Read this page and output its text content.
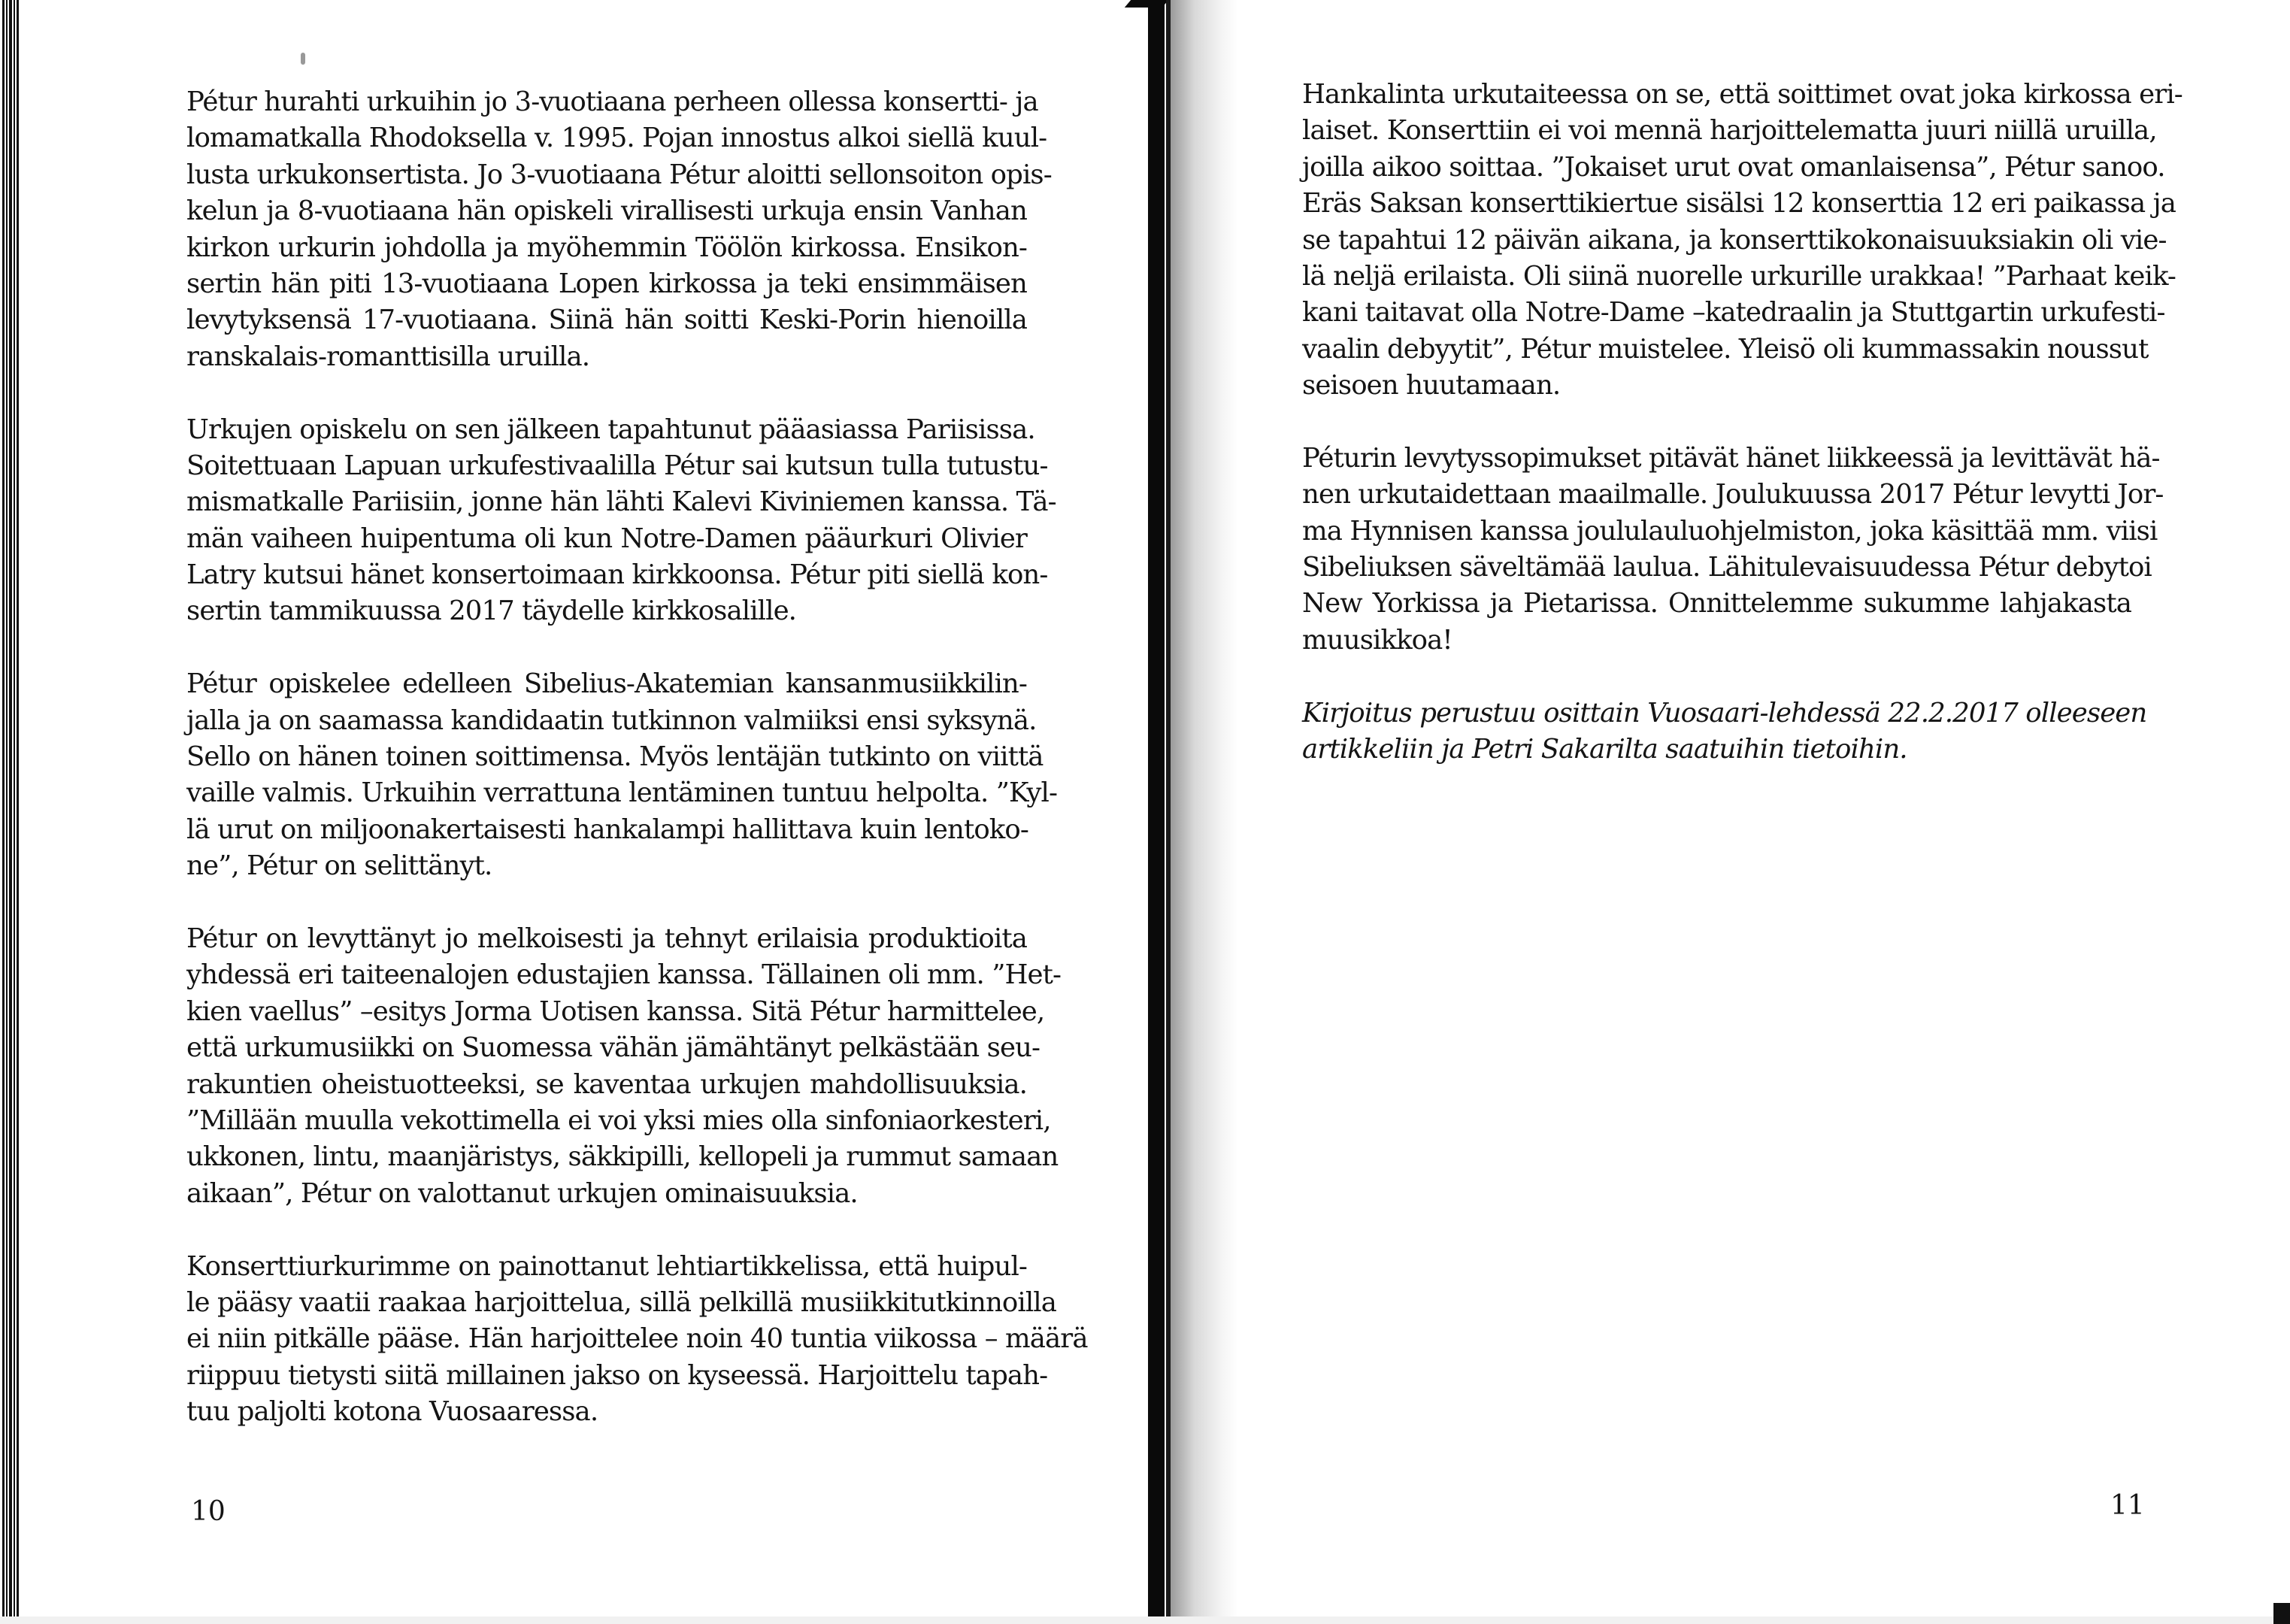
Pétur hurahti urkuihin jo 3-vuotiaana perheen ollessa konsertti- ja
lomamatkalla Rhodoksella v. 1995. Pojan innostus alkoi siellä kuul-
lusta urkukonsertista. Jo 3-vuotiaana Pétur aloitti sellonsoiton opis-
kelun ja 8-vuotiaana hän opiskeli virallisesti urkuja ensin Vanhan
kirkon urkurin johdolla ja myöhemmin Töölön kirkossa. Ensikon-
sertin hän piti 13-vuotiaana Lopen kirkossa ja teki ensimmäisen
levytyksensä 17-vuotiaana. Siinä hän soitti Keski-Porin hienoilla
ranskalais-romanttisilla uruilla.

Urkujen opiskelu on sen jälkeen tapahtunut pääasiassa Pariisissa.
Soitettuaan Lapuan urkufestivaalilla Pétur sai kutsun tulla tutustu-
mismatkalle Pariisiin, jonne hän lähti Kalevi Kiviniemen kanssa. Tä-
män vaiheen huipentuma oli kun Notre-Damen pääurkuri Olivier
Latry kutsui hänet konsertoimaan kirkkoonsa. Pétur piti siellä kon-
sertin tammikuussa 2017 täydelle kirkkosalille.

Pétur opiskelee edelleen Sibelius-Akatemian kansanmusiikkilin-
jalla ja on saamassa kandidaatin tutkinnon valmiiksi ensi syksynä.
Sello on hänen toinen soittimensa. Myös lentäjän tutkinto on viittä
vaille valmis. Urkuihin verrattuna lentäminen tuntuu helpolta. ”Kyl-
lä urut on miljoonakertaisesti hankalampi hallittava kuin lentoko-
ne”, Pétur on selittänyt.

Pétur on levyttänyt jo melkoisesti ja tehnyt erilaisia produktioita
yhdessä eri taiteenalojen edustajien kanssa. Tällainen oli mm. ”Het-
kien vaellus” –esitys Jorma Uotisen kanssa. Sitä Pétur harmittelee,
että urkumusiikki on Suomessa vähän jämähtänyt pelkästään seu-
rakuntien oheistuotteeksi, se kaventaa urkujen mahdollisuuksia.
”Millään muulla vekottimella ei voi yksi mies olla sinfoniaorkesteri,
ukkonen, lintu, maanjäristys, säkkipilli, kellopeli ja rummut samaan
aikaan”, Pétur on valottanut urkujen ominaisuuksia.

Konserttiurkurimme on painottanut lehtiartikkelissa, että huipul-
le pääsy vaatii raakaa harjoittelua, sillä pelkillä musiikkitutkinnoilla
ei niin pitkälle pääse. Hän harjoittelee noin 40 tuntia viikossa – määrä
riippuu tietysti siitä millainen jakso on kyseessä. Harjoittelu tapah-
tuu paljolti kotona Vuosaaressa.

10

Hankalinta urkutaiteessa on se, että soittimet ovat joka kirkossa eri-
laiset. Konserttiin ei voi mennä harjoittelematta juuri niillä uruilla,
joilla aikoo soittaa. ”Jokaiset urut ovat omanlaisensa”, Pétur sanoo.
Eräs Saksan konserttikiertue sisälsi 12 konserttia 12 eri paikassa ja
se tapahtui 12 päivän aikana, ja konserttikokonaisuuksiakin oli vie-
lä neljä erilaista. Oli siinä nuorelle urkurille urakkaa! ”Parhaat keik-
kani taitavat olla Notre-Dame –katedraalin ja Stuttgartin urkufesti-
vaalin debyytit”, Pétur muistelee. Yleisö oli kummassakin noussut
seisoen huutamaan.

Péturin levytyssopimukset pitävät hänet liikkeessä ja levittävät hä-
nen urkutaidettaan maailmalle. Joulukuussa 2017 Pétur levytti Jor-
ma Hynnisen kanssa joululauluohjelmiston, joka käsittää mm. viisi
Sibeliuksen säveltämää laulua. Lähitulevaisuudessa Pétur debytoi
New Yorkissa ja Pietarissa. Onnittelemme sukumme lahjakasta
muusikkoa!

Kirjoitus perustuu osittain Vuosaari-lehdessä 22.2.2017 olleeseen
artikkeliin ja Petri Sakarilta saatuihin tietoihin.

11
